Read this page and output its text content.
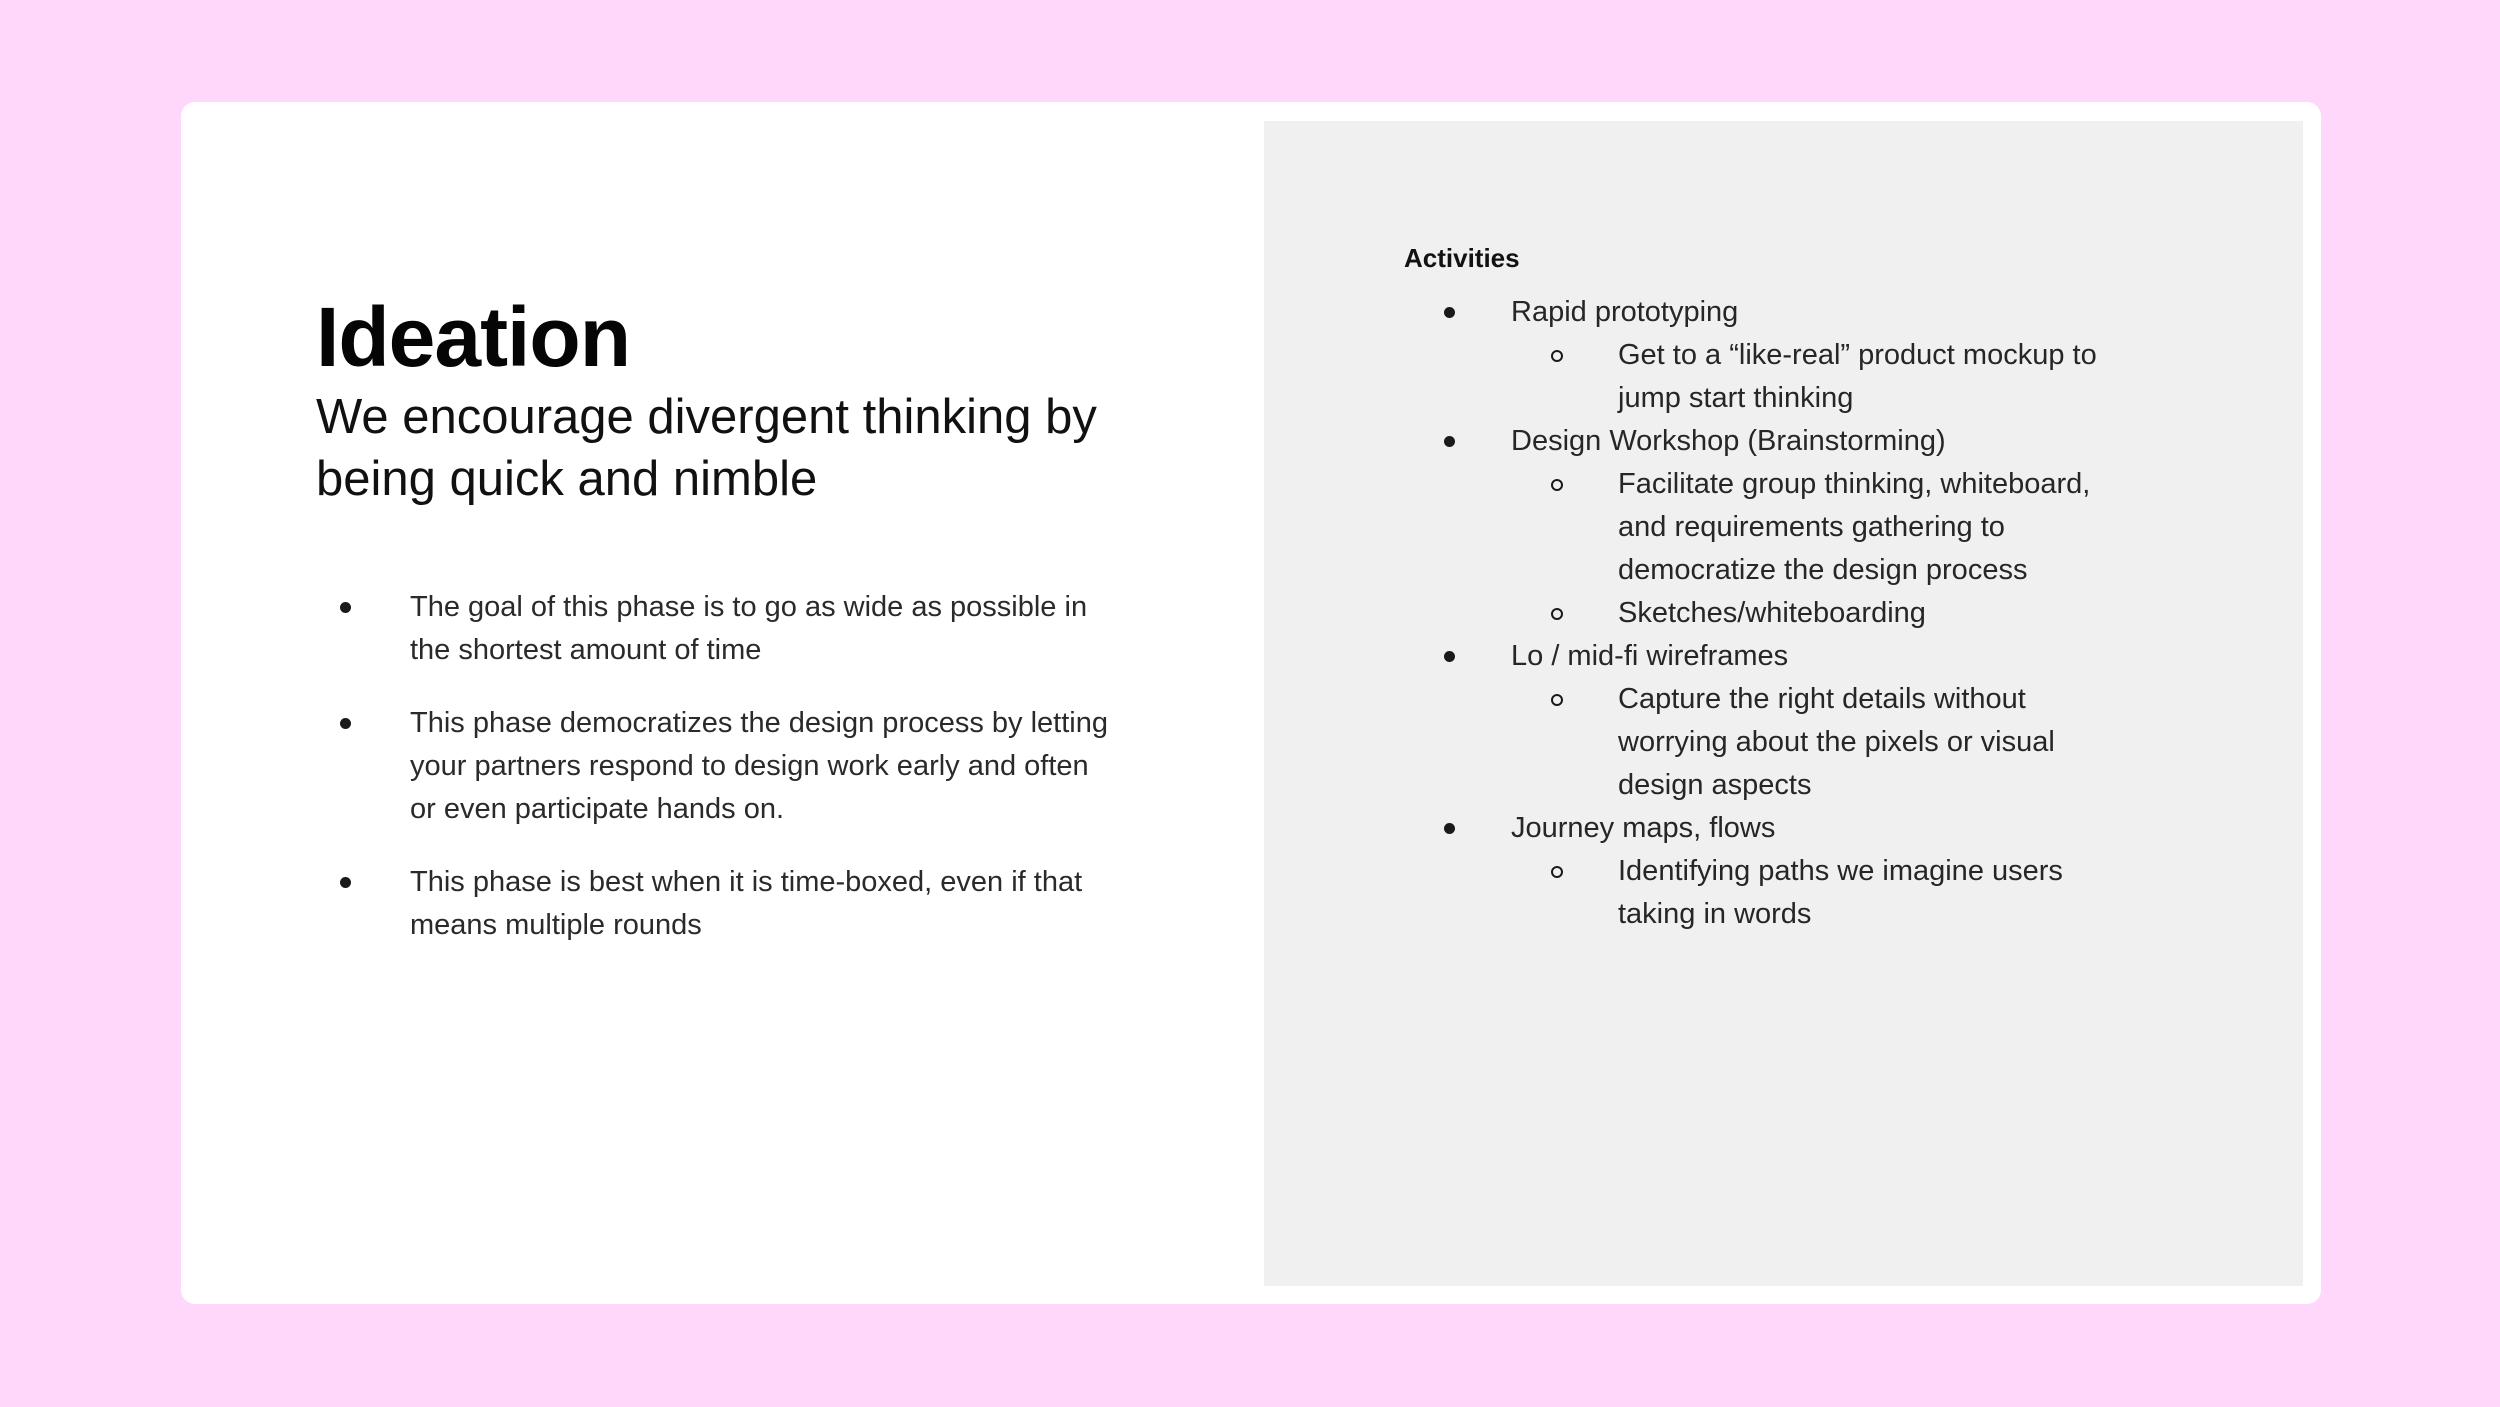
Ideation

We encourage divergent thinking by being quick and nimble

The goal of this phase is to go as wide as possible in the shortest amount of time
This phase democratizes the design process by letting your partners respond to design work early and often or even participate hands on.
This phase is best when it is time-boxed, even if that means multiple rounds
Activities
Rapid prototyping
Get to a “like-real” product mockup to jump start thinking
Design Workshop (Brainstorming)
Facilitate group thinking, whiteboard, and requirements gathering to democratize the design process
Sketches/whiteboarding
Lo / mid-fi wireframes
Capture the right details without worrying about the pixels or visual design aspects
Journey maps, flows
Identifying paths we imagine users taking in words
